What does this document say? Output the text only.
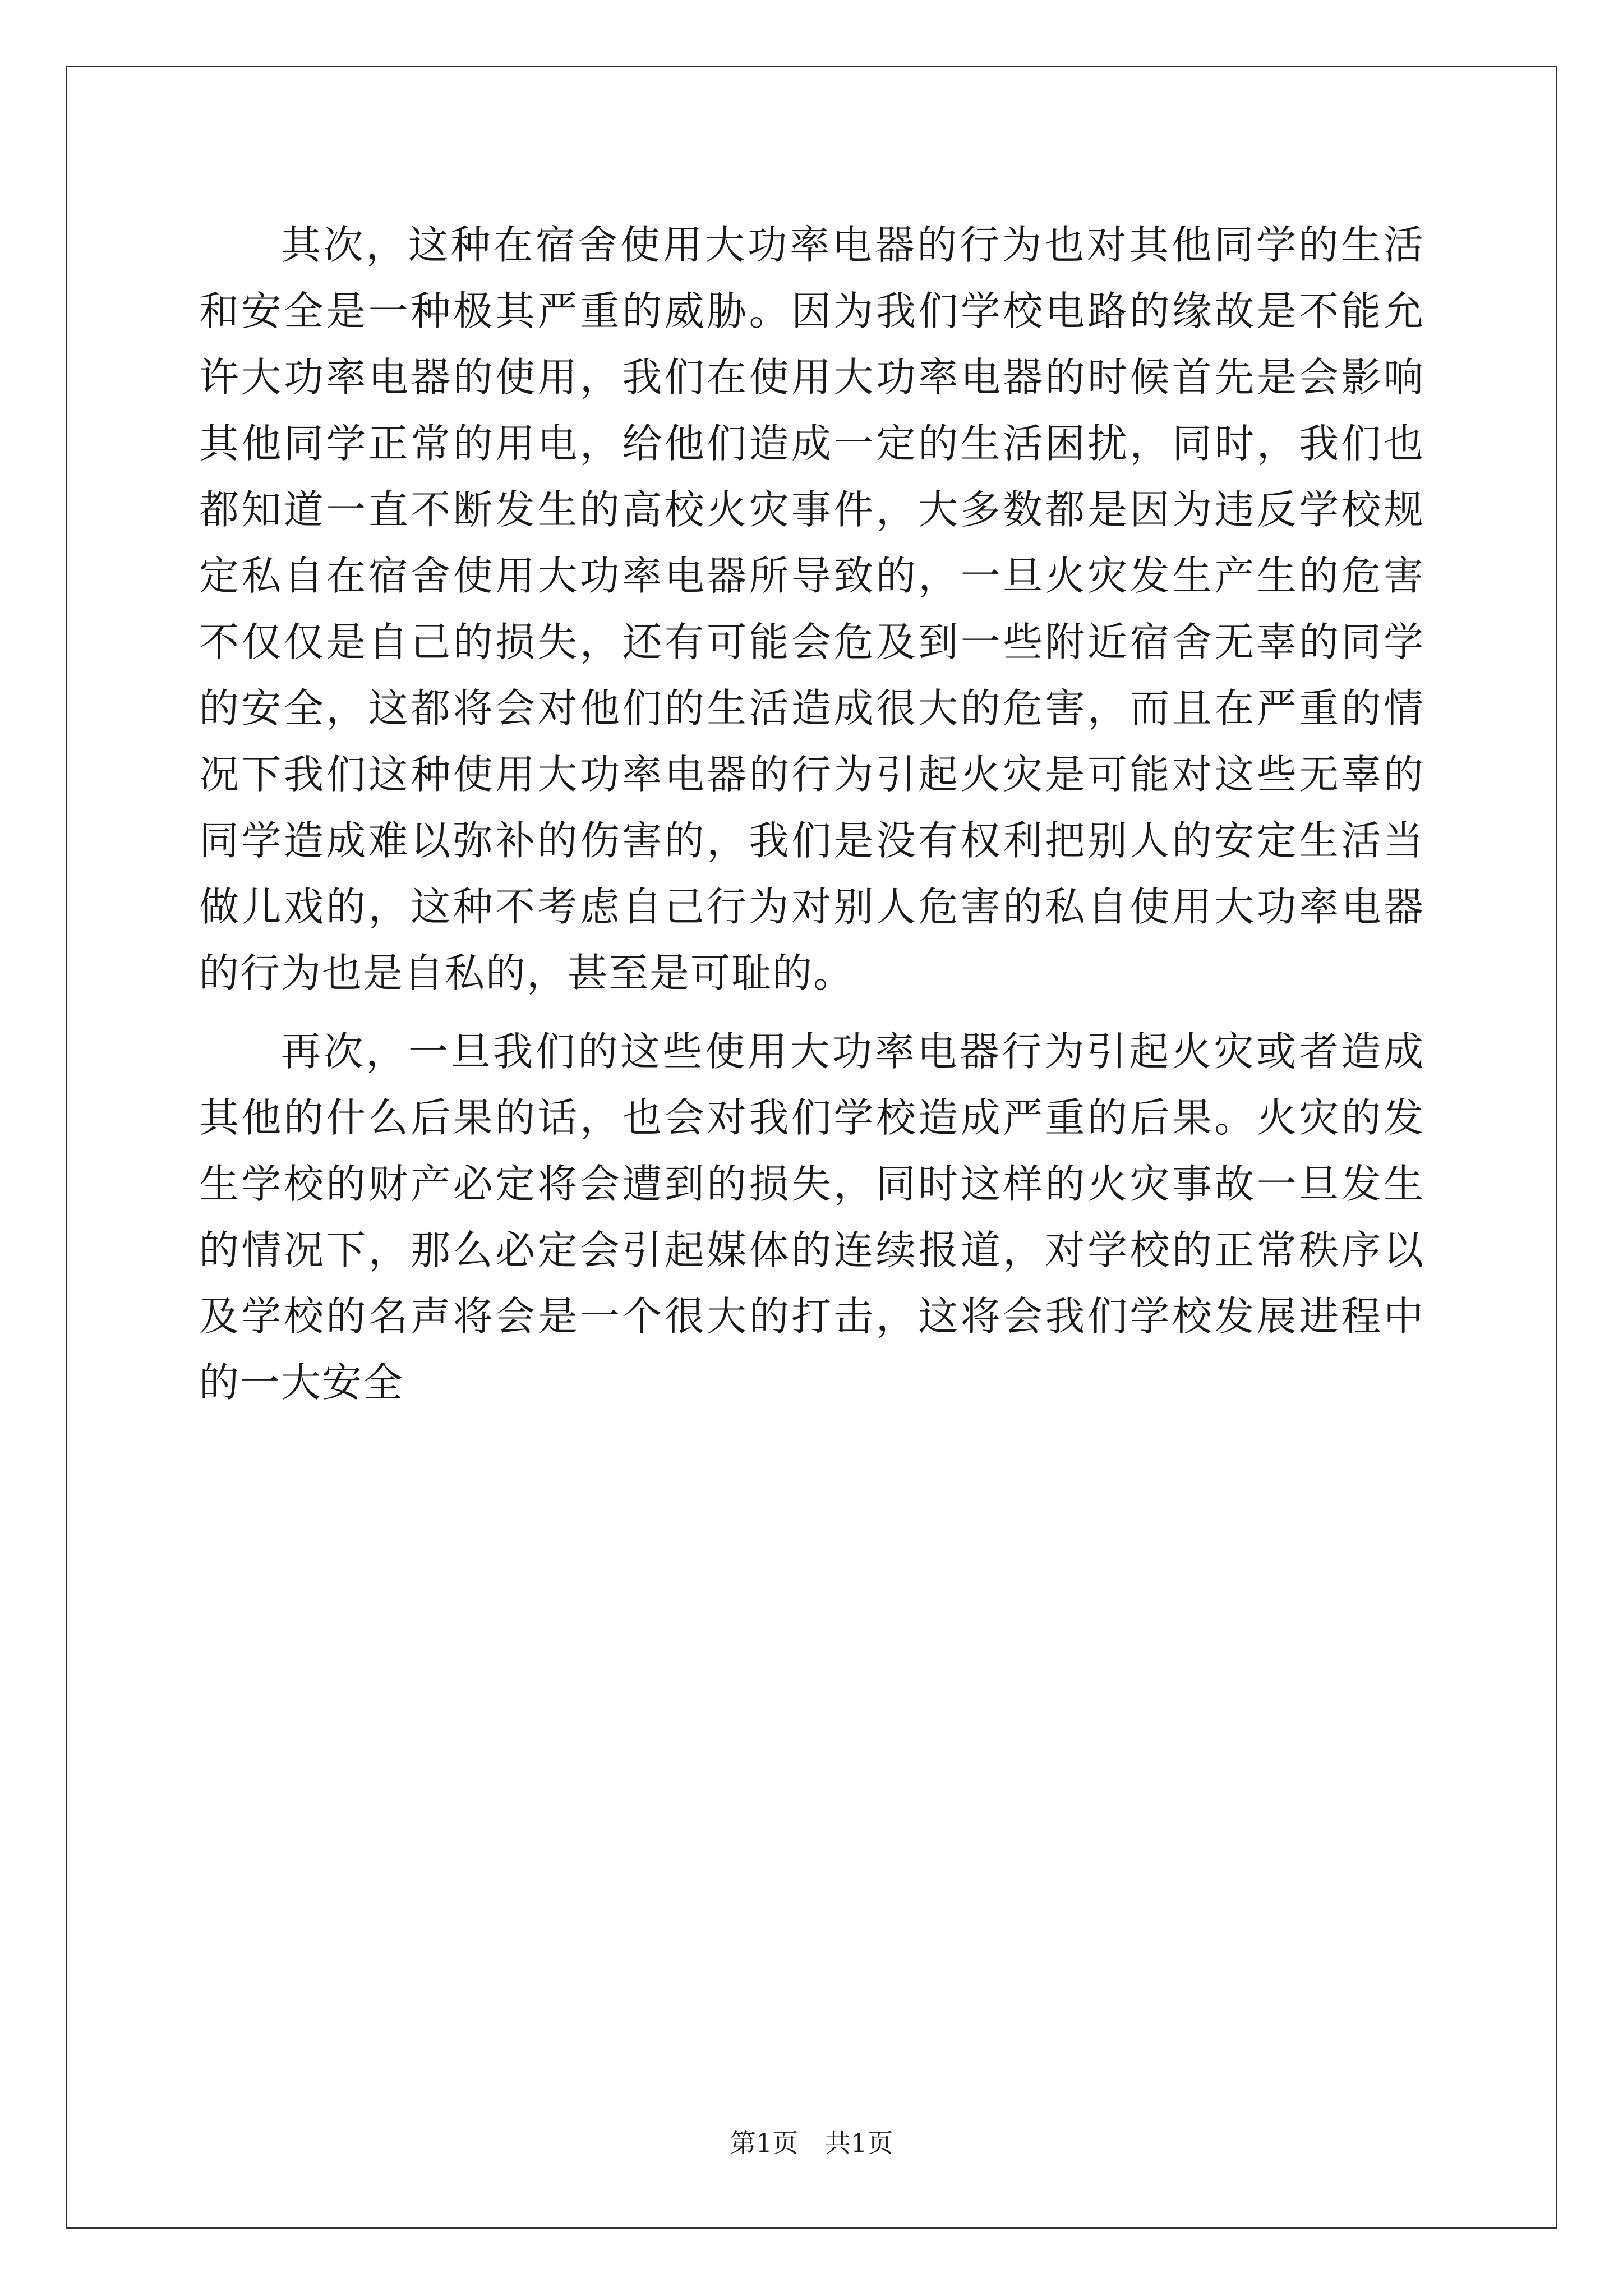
其次，这种在宿舍使用大功率电器的行为也对其他同学的生活和安全是一种极其严重的威胁。因为我们学校电路的缘故是不能允许大功率电器的使用，我们在使用大功率电器的时候首先是会影响其他同学正常的用电，给他们造成一定的生活困扰，同时，我们也都知道一直不断发生的高校火灾事件，大多数都是因为违反学校规定私自在宿舍使用大功率电器所导致的，一旦火灾发生产生的危害不仅仅是自己的损失，还有可能会危及到一些附近宿舍无辜的同学的安全，这都将会对他们的生活造成很大的危害，而且在严重的情况下我们这种使用大功率电器的行为引起火灾是可能对这些无辜的同学造成难以弥补的伤害的，我们是没有权利把别人的安定生活当做儿戏的，这种不考虑自己行为对别人危害的私自使用大功率电器的行为也是自私的，甚至是可耻的。

再次，一旦我们的这些使用大功率电器行为引起火灾或者造成其他的什么后果的话，也会对我们学校造成严重的后果。火灾的发生学校的财产必定将会遭到的损失，同时这样的火灾事故一旦发生的情况下，那么必定会引起媒体的连续报道，对学校的正常秩序以及学校的名声将会是一个很大的打击，这将会我们学校发展进程中的一大安全

第1页 共1页
